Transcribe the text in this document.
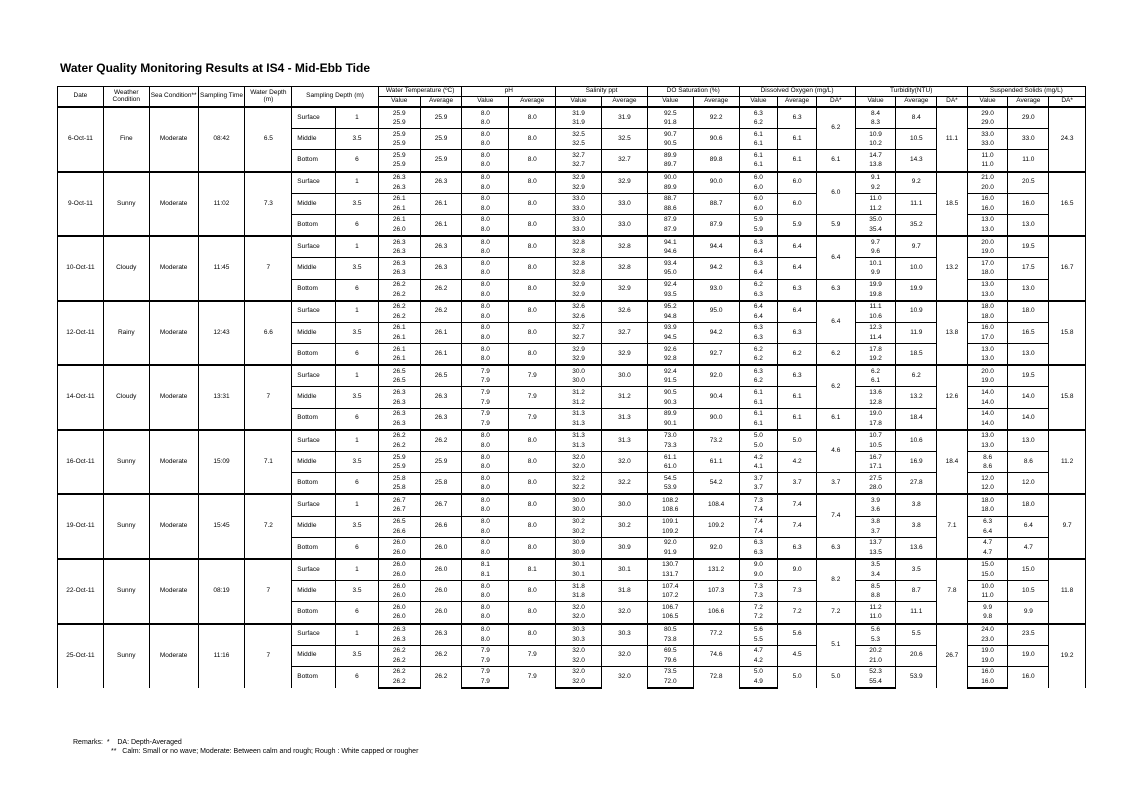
Water Quality Monitoring Results at IS4 - Mid-Ebb Tide
Date	Weather Condition	Sea Condition**	Sampling Time	Water Depth (m)	Sampling Depth (m)		Water Temperature (ºC)		pH		Salinity ppt		DO Saturation (%)		Dissolved Oxygen (mg/L)			Turbidity(NTU)			Suspended Solids (mg/L)		
							Value	Average	Value	Average	Value	Average	Value	Average	Value	Average	DA*	Value	Average	DA*	Value	Average	DA*
6-Oct-11	Fine	Moderate	08:42	6.5	Surface	1	25.9	25.9	8.0	8.0	31.9	31.9	92.5	92.2	6.3	6.3	6.2	8.4	8.4	11.1	29.0	29.0	24.3
							25.9		8.0		31.9		91.8		6.2			8.3			29.0		
					Middle	3.5	25.9	25.9	8.0	8.0	32.5	32.5	90.7	90.6	6.1	6.1		10.9	10.5		33.0	33.0	
							25.9		8.0		32.5		90.5		6.1			10.2			33.0		
					Bottom	6	25.9	25.9	8.0	8.0	32.7	32.7	89.9	89.8	6.1	6.1	6.1	14.7	14.3		11.0	11.0	
							25.9		8.0		32.7		89.7		6.1			13.8			11.0		
9-Oct-11	Sunny	Moderate	11:02	7.3	Surface	1	26.3	26.3	8.0	8.0	32.9	32.9	90.0	90.0	6.0	6.0	6.0	9.1	9.2	18.5	21.0	20.5	16.5
							26.3		8.0		32.9		89.9		6.0			9.2			20.0		
					Middle	3.5	26.1	26.1	8.0	8.0	33.0	33.0	88.7	88.7	6.0	6.0		11.0	11.1		16.0	16.0	
							26.1		8.0		33.0		88.6		6.0			11.2			16.0		
					Bottom	6	26.1	26.1	8.0	8.0	33.0	33.0	87.9	87.9	5.9	5.9	5.9	35.0	35.2		13.0	13.0	
							26.0		8.0		33.0		87.9		5.9			35.4			13.0		
10-Oct-11	Cloudy	Moderate	11:45	7	Surface	1	26.3	26.3	8.0	8.0	32.8	32.8	94.1	94.4	6.3	6.4	6.4	9.7	9.7	13.2	20.0	19.5	16.7
							26.3		8.0		32.8		94.6		6.4			9.6			19.0		
					Middle	3.5	26.3	26.3	8.0	8.0	32.8	32.8	93.4	94.2	6.3	6.4		10.1	10.0		17.0	17.5	
							26.3		8.0		32.8		95.0		6.4			9.9			18.0		
					Bottom	6	26.2	26.2	8.0	8.0	32.9	32.9	92.4	93.0	6.2	6.3	6.3	19.9	19.9		13.0	13.0	
							26.2		8.0		32.9		93.5		6.3			19.8			13.0		
12-Oct-11	Rainy	Moderate	12:43	6.6	Surface	1	26.2	26.2	8.0	8.0	32.6	32.6	95.2	95.0	6.4	6.4	6.4	11.1	10.9	13.8	18.0	18.0	15.8
							26.2		8.0		32.6		94.8		6.4			10.6			18.0		
					Middle	3.5	26.1	26.1	8.0	8.0	32.7	32.7	93.9	94.2	6.3	6.3		12.3	11.9		16.0	16.5	
							26.1		8.0		32.7		94.5		6.3			11.4			17.0		
					Bottom	6	26.1	26.1	8.0	8.0	32.9	32.9	92.6	92.7	6.2	6.2	6.2	17.8	18.5		13.0	13.0	
							26.1		8.0		32.9		92.8		6.2			19.2			13.0		
14-Oct-11	Cloudy	Moderate	13:31	7	Surface	1	26.5	26.5	7.9	7.9	30.0	30.0	92.4	92.0	6.3	6.3	6.2	6.2	6.2	12.6	20.0	19.5	15.8
							26.5		7.9		30.0		91.5		6.2			6.1			19.0		
					Middle	3.5	26.3	26.3	7.9	7.9	31.2	31.2	90.5	90.4	6.1	6.1		13.6	13.2		14.0	14.0	
							26.3		7.9		31.2		90.3		6.1			12.8			14.0		
					Bottom	6	26.3	26.3	7.9	7.9	31.3	31.3	89.9	90.0	6.1	6.1	6.1	19.0	18.4		14.0	14.0	
							26.3		7.9		31.3		90.1		6.1			17.8			14.0		
16-Oct-11	Sunny	Moderate	15:09	7.1	Surface	1	26.2	26.2	8.0	8.0	31.3	31.3	73.0	73.2	5.0	5.0	4.6	10.7	10.6	18.4	13.0	13.0	11.2
							26.2		8.0		31.3		73.3		5.0			10.5			13.0		
					Middle	3.5	25.9	25.9	8.0	8.0	32.0	32.0	61.1	61.1	4.2	4.2		16.7	16.9		8.6	8.6	
							25.9		8.0		32.0		61.0		4.1			17.1			8.6		
					Bottom	6	25.8	25.8	8.0	8.0	32.2	32.2	54.5	54.2	3.7	3.7	3.7	27.5	27.8		12.0	12.0	
							25.8		8.0		32.2		53.9		3.7			28.0			12.0		
19-Oct-11	Sunny	Moderate	15:45	7.2	Surface	1	26.7	26.7	8.0	8.0	30.0	30.0	108.2	108.4	7.3	7.4	7.4	3.9	3.8	7.1	18.0	18.0	9.7
							26.7		8.0		30.0		108.6		7.4			3.6			18.0		
					Middle	3.5	26.5	26.6	8.0	8.0	30.2	30.2	109.1	109.2	7.4	7.4		3.8	3.8		6.3	6.4	
							26.6		8.0		30.2		109.2		7.4			3.7			6.4		
					Bottom	6	26.0	26.0	8.0	8.0	30.9	30.9	92.0	92.0	6.3	6.3	6.3	13.7	13.6		4.7	4.7	
							26.0		8.0		30.9		91.9		6.3			13.5			4.7		
22-Oct-11	Sunny	Moderate	08:19	7	Surface	1	26.0	26.0	8.1	8.1	30.1	30.1	130.7	131.2	9.0	9.0	8.2	3.5	3.5	7.8	15.0	15.0	11.8
							26.0		8.1		30.1		131.7		9.0			3.4			15.0		
					Middle	3.5	26.0	26.0	8.0	8.0	31.8	31.8	107.4	107.3	7.3	7.3		8.5	8.7		10.0	10.5	
							26.0		8.0		31.8		107.2		7.3			8.8			11.0		
					Bottom	6	26.0	26.0	8.0	8.0	32.0	32.0	106.7	106.6	7.2	7.2	7.2	11.2	11.1		9.9	9.9	
							26.0		8.0		32.0		106.5		7.2			11.0			9.8		
25-Oct-11	Sunny	Moderate	11:16	7	Surface	1	26.3	26.3	8.0	8.0	30.3	30.3	80.5	77.2	5.6	5.6	5.1	5.6	5.5	26.7	24.0	23.5	19.2
							26.3		8.0		30.3		73.8		5.5			5.3			23.0		
					Middle	3.5	26.2	26.2	7.9	7.9	32.0	32.0	69.5	74.6	4.7	4.5		20.2	20.6		19.0	19.0	
							26.2		7.9		32.0		79.6		4.2			21.0			19.0		
					Bottom	6	26.2	26.2	7.9	7.9	32.0	32.0	73.5	72.8	5.0	5.0	5.0	52.3	53.9		16.0	16.0	
							26.2		7.9		32.0		72.0		4.9			55.4			16.0		
Remarks: * DA: Depth-Averaged
** Calm: Small or no wave; Moderate: Between calm and rough; Rough : White capped or rougher
